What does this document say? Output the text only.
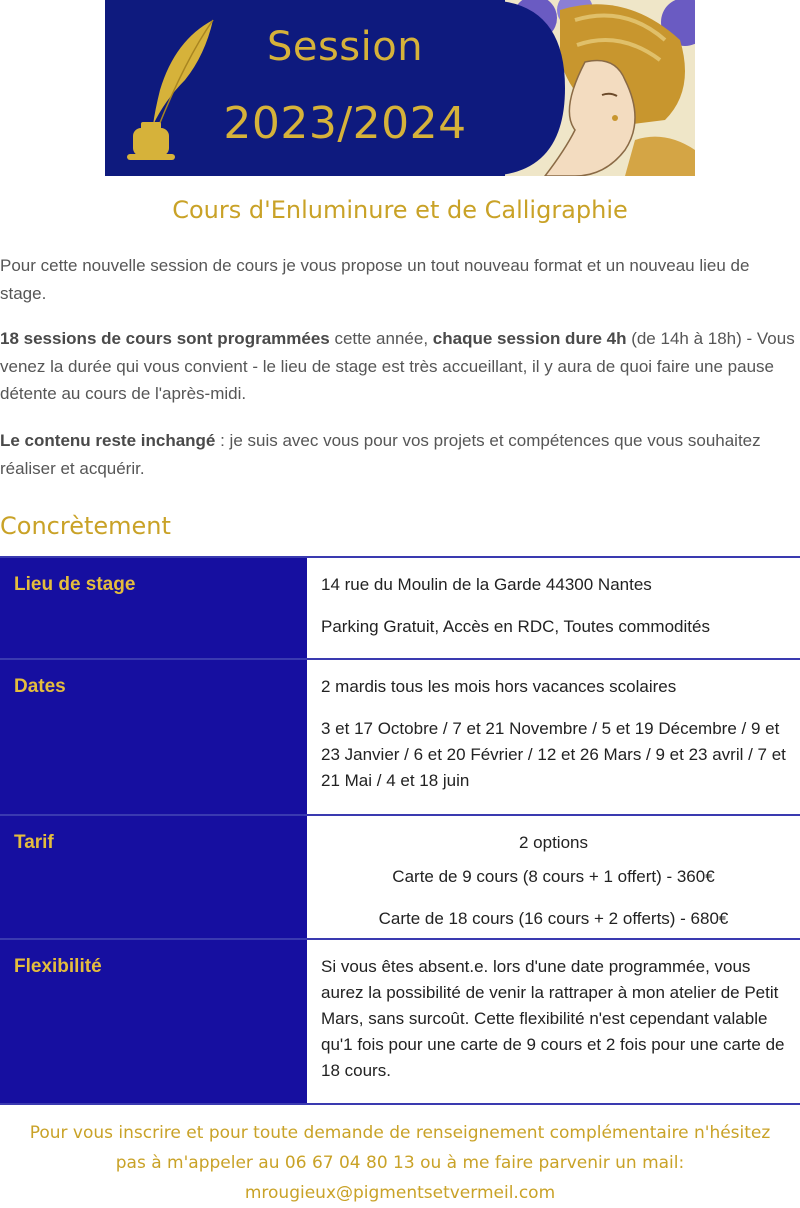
Session
2023/2024
Cours d'Enluminure et de Calligraphie
Pour cette nouvelle session de cours je vous propose un tout nouveau format et un nouveau lieu de stage.
18 sessions de cours sont programmées cette année, chaque session dure 4h (de 14h à 18h) - Vous venez la durée qui vous convient - le lieu de stage est très accueillant, il y aura de quoi faire une pause détente au cours de l'après-midi.
Le contenu reste inchangé : je suis avec vous pour vos projets et compétences que vous souhaitez réaliser et acquérir.
Concrètement
Lieu de stage	14 rue du Moulin de la Garde 44300 Nantes

Parking Gratuit, Accès en RDC, Toutes commodités

Dates	2 mardis tous les mois hors vacances scolaires

3 et 17 Octobre / 7 et 21 Novembre / 5 et 19 Décembre / 9 et 23 Janvier / 6 et 20 Février / 12 et 26 Mars / 9 et 23 avril / 7 et 21 Mai / 4 et 18 juin

Tarif	2 options

Carte de 9 cours (8 cours + 1 offert) - 360€

Carte de 18 cours (16 cours + 2 offerts) - 680€

Flexibilité	Si vous êtes absent.e. lors d'une date programmée, vous aurez la possibilité de venir la rattraper à mon atelier de Petit Mars, sans surcoût. Cette flexibilité n'est cependant valable qu'1 fois pour une carte de 9 cours et 2 fois pour une carte de 18 cours.

Pour vous inscrire et pour toute demande de renseignement complémentaire n'hésitez
pas à m'appeler au 06 67 04 80 13 ou à me faire parvenir un mail:
mrougieux@pigmentsetvermeil.com
